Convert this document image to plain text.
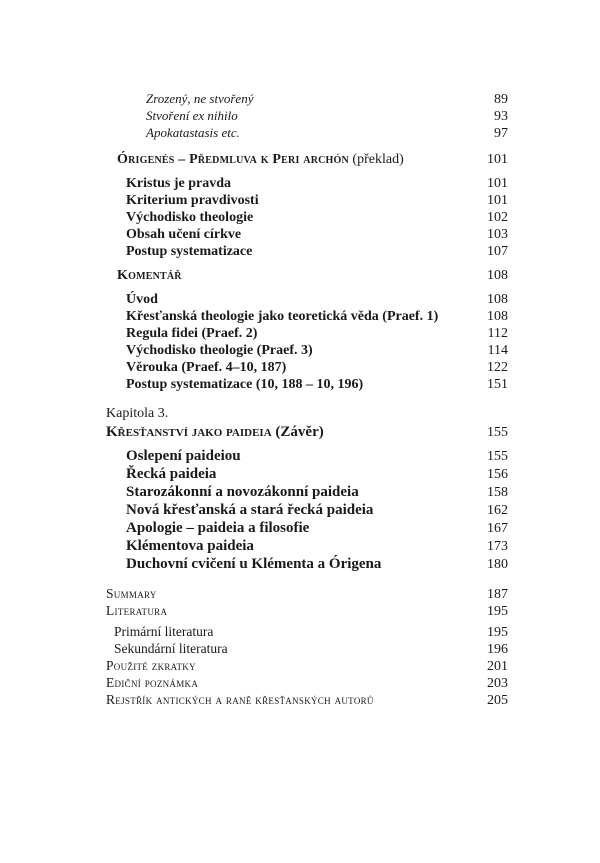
Zrozený, ne stvořený	89
Stvoření ex nihilo	93
Apokatastasis etc.	97
Órigenés – Předmluva k Peri archón (překlad)	101
Kristus je pravda	101
Kriterium pravdivosti	101
Východisko theologie	102
Obsah učení církve	103
Postup systematizace	107
Komentář	108
Úvod	108
Křesťanská theologie jako teoretická věda (Praef. 1)	108
Regula fidei (Praef. 2)	112
Východisko theologie (Praef. 3)	114
Věrouka (Praef. 4–10, 187)	122
Postup systematizace (10, 188 – 10, 196)	151
Kapitola 3.
Křesťanství jako paideia (Závěr)	155
Oslepení paideiou	155
Řecká paideia	156
Starozákonní a novozákonní paideia	158
Nová křesťanská a stará řecká paideia	162
Apologie – paideia a filosofie	167
Klémentova paideia	173
Duchovní cvičení u Klémenta a Órigena	180
Summary	187
Literatura	195
Primární literatura	195
Sekundární literatura	196
Použité zkratky	201
Ediční poznámka	203
Rejstřík antických a raně křesťanských autorů	205
